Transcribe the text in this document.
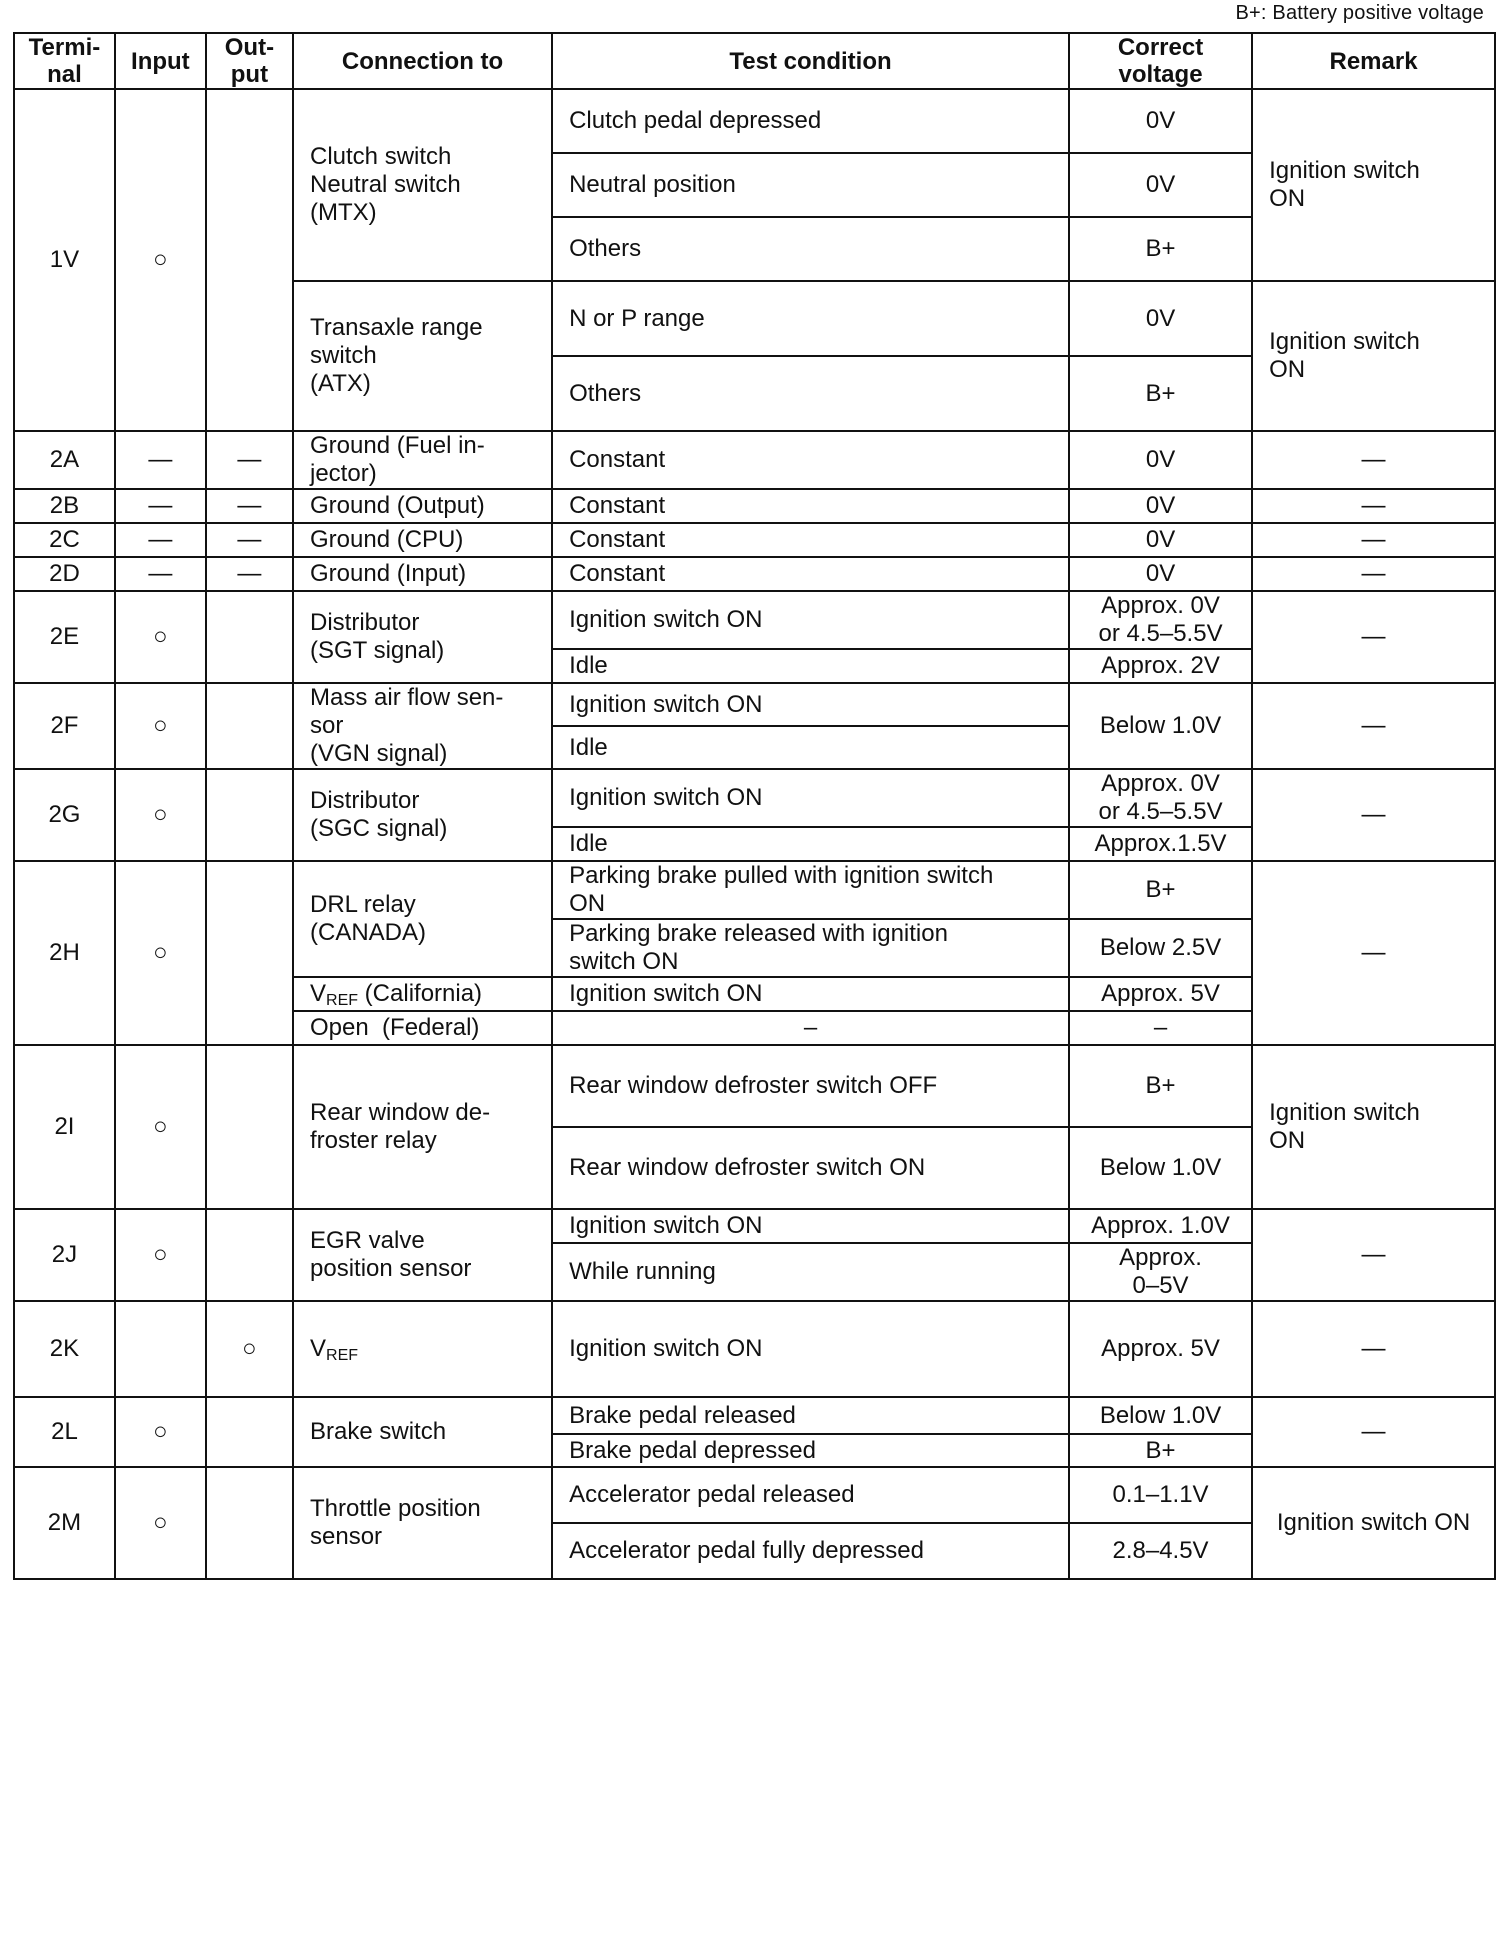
B+: Battery positive voltage
Termi-
nal	Input	Out-
put	Connection to	Test condition	Correct
voltage	Remark
1V	○		Clutch switch
Neutral switch
(MTX)	Clutch pedal depressed	0V	Ignition switch
ON
				Neutral position	0V	
				Others	B+	
			Transaxle range
switch
(ATX)	N or P range	0V	Ignition switch
ON
				Others	B+	
2A	—	—	Ground (Fuel in-
jector)	Constant	0V	—
2B	—	—	Ground (Output)	Constant	0V	—
2C	—	—	Ground (CPU)	Constant	0V	—
2D	—	—	Ground (Input)	Constant	0V	—
2E	○		Distributor
(SGT signal)	Ignition switch ON	Approx. 0V
or 4.5–5.5V	—
				Idle	Approx. 2V	
2F	○		Mass air flow sen-
sor
(VGN signal)	Ignition switch ON	Below 1.0V	—
				Idle		
2G	○		Distributor
(SGC signal)	Ignition switch ON	Approx. 0V
or 4.5–5.5V	—
				Idle	Approx.1.5V	
2H	○		DRL relay
(CANADA)	Parking brake pulled with ignition switch
ON	B+	—
				Parking brake released with ignition
switch ON	Below 2.5V	
			$V_{REF}$ (California)	Ignition switch ON	Approx. 5V	
			Open  (Federal)	–	–	
2I	○		Rear window de-
froster relay	Rear window defroster switch OFF	B+	Ignition switch
ON
				Rear window defroster switch ON	Below 1.0V	
2J	○		EGR valve
position sensor	Ignition switch ON	Approx. 1.0V	—
				While running	Approx.
0–5V	
2K		○	$V_{REF}$	Ignition switch ON	Approx. 5V	—
2L	○		Brake switch	Brake pedal released	Below 1.0V	—
				Brake pedal depressed	B+	
2M	○		Throttle position
sensor	Accelerator pedal released	0.1–1.1V	Ignition switch ON
				Accelerator pedal fully depressed	2.8–4.5V	
